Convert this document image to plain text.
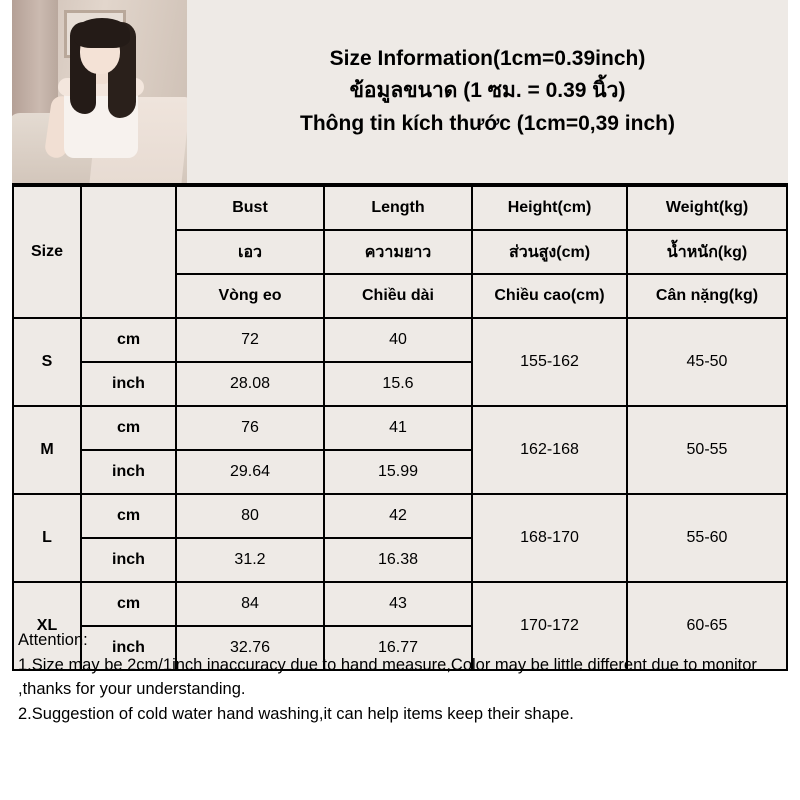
Size Information(1cm=0.39inch)
ข้อมูลขนาด (1 ซม. = 0.39 นิ้ว)
Thông tin kích thước (1cm=0,39 inch)
Size		Bust	Length	Height(cm)	Weight(kg)
		เอว	ความยาว	ส่วนสูง(cm)	น้ำหนัก(kg)
		Vòng eo	Chiều dài	Chiều cao(cm)	Cân nặng(kg)
S	cm	72	40	155-162	45-50
	inch	28.08	15.6		
M	cm	76	41	162-168	50-55
	inch	29.64	15.99		
L	cm	80	42	168-170	55-60
	inch	31.2	16.38		
XL	cm	84	43	170-172	60-65
	inch	32.76	16.77		

Attention:

1.Size may be 2cm/1inch inaccuracy due to hand measure,Color may be little different due to monitor ,thanks for your understanding.

2.Suggestion of cold water hand washing,it can help items keep their shape.
